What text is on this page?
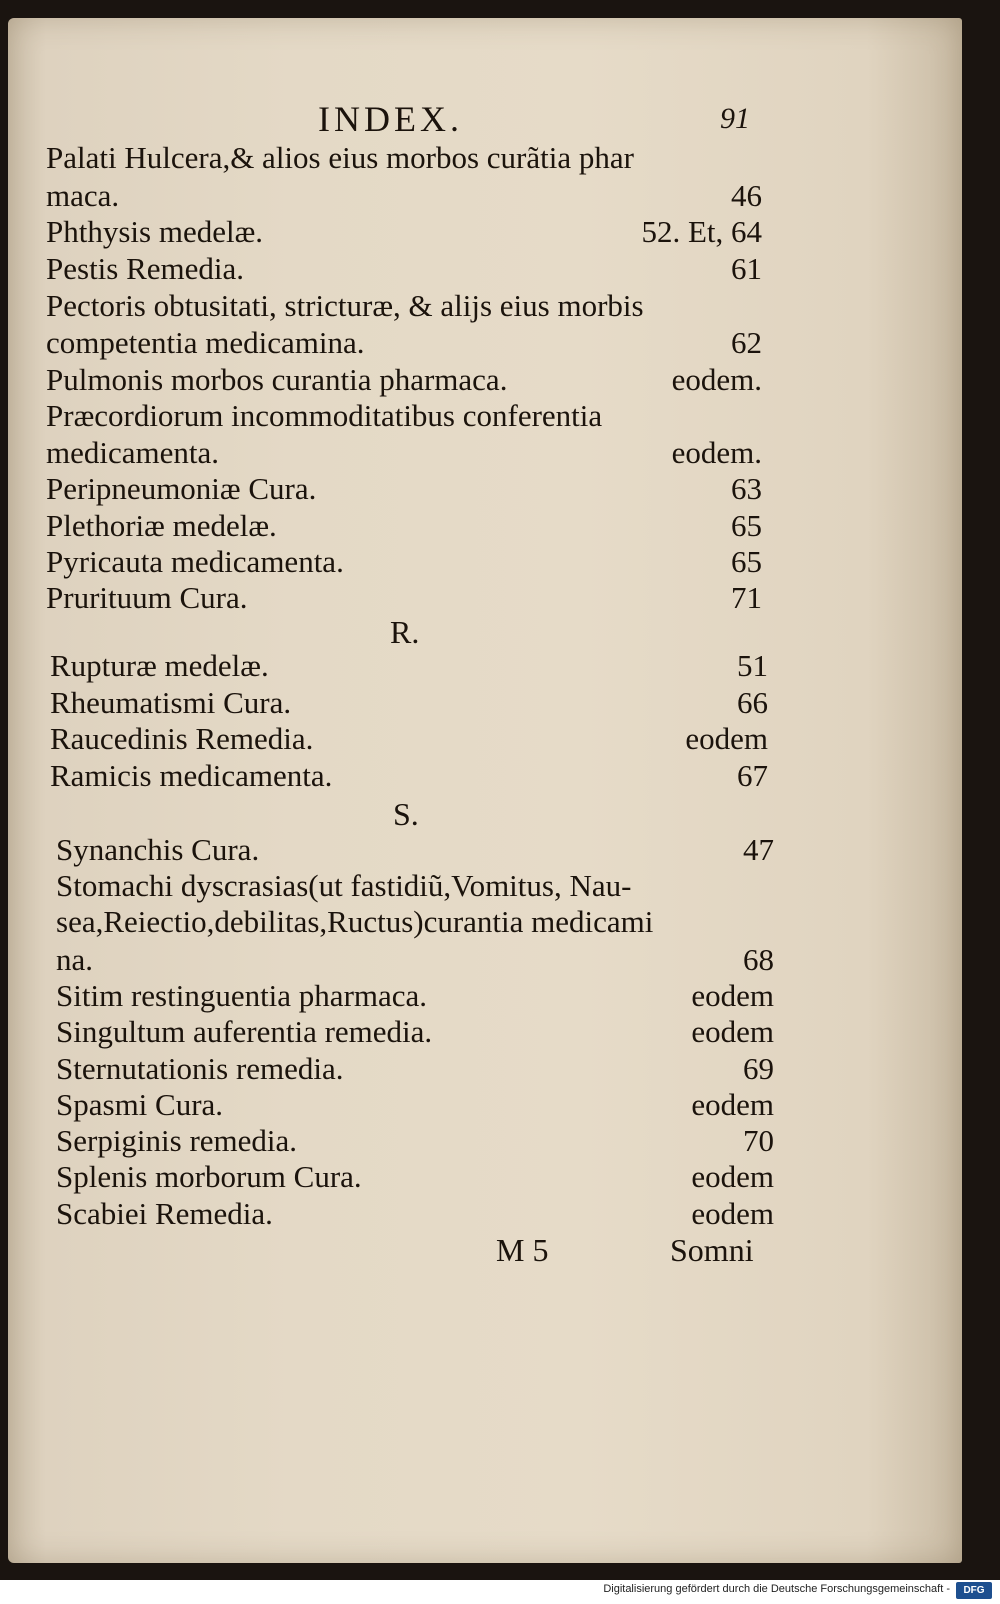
INDEX.	91
Palati Hulcera,& alios eius morbos curãtia phar
maca.	46
Phthysis medelæ.	52. Et, 64
Pestis Remedia.	61
Pectoris obtusitati, stricturæ, & alijs eius morbis
competentia medicamina.	62
Pulmonis morbos curantia pharmaca.	eodem.
Præcordiorum incommoditatibus conferentia
medicamenta.	eodem.
Peripneumoniæ Cura.	63
Plethoriæ medelæ.	65
Pyricauta medicamenta.	65
Prurituum Cura.	71
R.
Rupturæ medelæ.	51
Rheumatismi Cura.	66
Raucedinis Remedia.	eodem
Ramicis medicamenta.	67
S.
Synanchis Cura.	47
Stomachi dyscrasias(ut fastidiũ,Vomitus, Nau-
sea,Reiectio,debilitas,Ructus)curantia medicami
na.	68
Sitim restinguentia pharmaca.	eodem
Singultum auferentia remedia.	eodem
Sternutationis remedia.	69
Spasmi Cura.	eodem
Serpiginis remedia.	70
Splenis morborum Cura.	eodem
Scabiei Remedia.	eodem
M 5	Somni
Digitalisierung gefördert durch die Deutsche Forschungsgemeinschaft -	DFG
